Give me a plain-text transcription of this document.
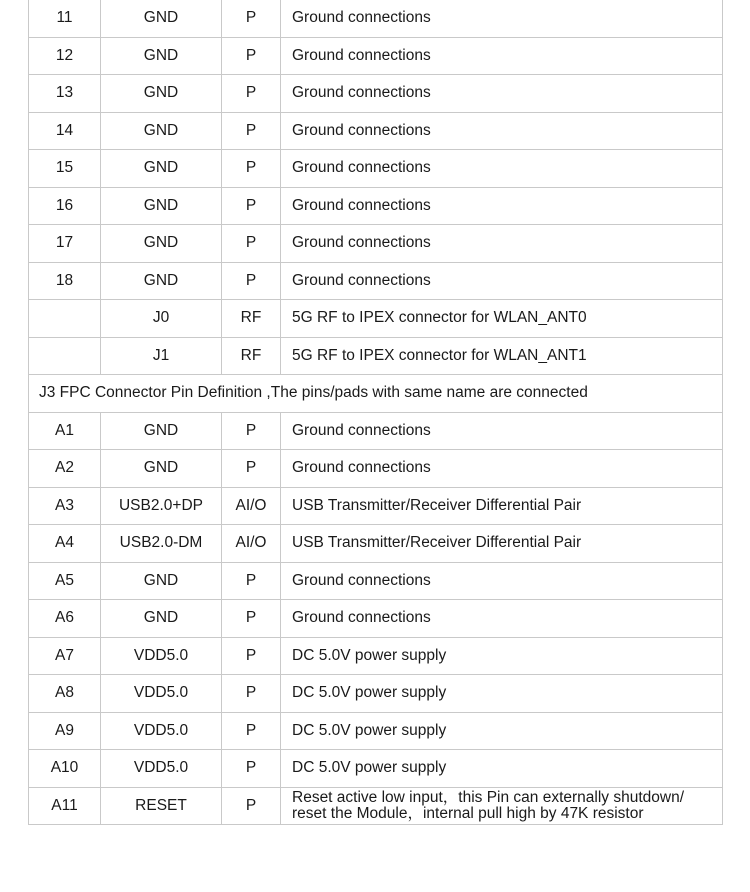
11	GND	P	Ground connections
12	GND	P	Ground connections
13	GND	P	Ground connections
14	GND	P	Ground connections
15	GND	P	Ground connections
16	GND	P	Ground connections
17	GND	P	Ground connections
18	GND	P	Ground connections
	J0	RF	5G RF to IPEX connector for WLAN_ANT0
	J1	RF	5G RF to IPEX connector for WLAN_ANT1
J3 FPC Connector Pin Definition ,The pins/pads with same name are connected			
A1	GND	P	Ground connections
A2	GND	P	Ground connections
A3	USB2.0+DP	AI/O	USB Transmitter/Receiver Differential Pair
A4	USB2.0-DM	AI/O	USB Transmitter/Receiver Differential Pair
A5	GND	P	Ground connections
A6	GND	P	Ground connections
A7	VDD5.0	P	DC 5.0V power supply
A8	VDD5.0	P	DC 5.0V power supply
A9	VDD5.0	P	DC 5.0V power supply
A10	VDD5.0	P	DC 5.0V power supply
A11	RESET	P	Reset active low input，this Pin can externally shutdown/
reset the Module，internal pull high by 47K resistor
